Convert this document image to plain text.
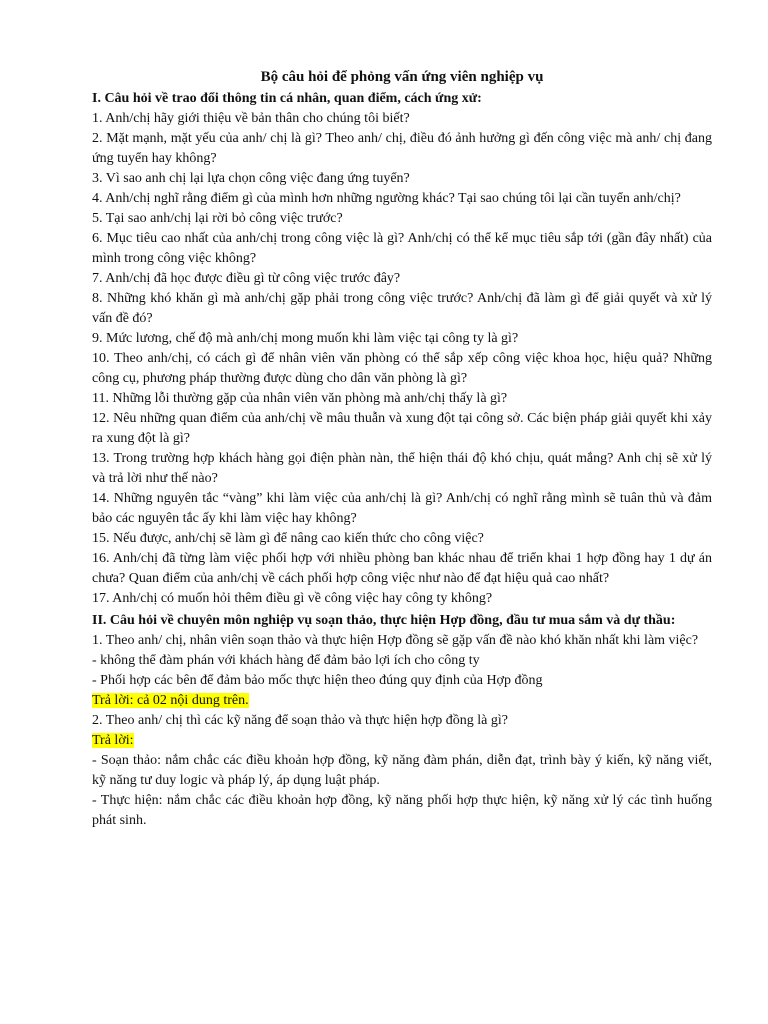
Bộ câu hỏi để phỏng vấn ứng viên nghiệp vụ

I. Câu hỏi về trao đổi thông tin cá nhân, quan điểm, cách ứng xử:

1. Anh/chị hãy giới thiệu về bản thân cho chúng tôi biết?

2. Mặt mạnh, mặt yếu của anh/ chị là gì? Theo anh/ chị, điều đó ảnh hưởng gì đến công việc mà anh/ chị đang ứng tuyển hay không?

3. Vì sao anh chị lại lựa chọn công việc đang ứng tuyển?

4. Anh/chị nghĩ rằng điểm gì của mình hơn những ngường khác? Tại sao chúng tôi lại cần tuyển anh/chị?

5. Tại sao anh/chị lại rời bỏ công việc trước?

6. Mục tiêu cao nhất của anh/chị trong công việc là gì? Anh/chị có thể kể mục tiêu sắp tới (gần đây nhất) của mình trong công việc không?

7. Anh/chị đã học được điều gì từ công việc trước đây?

8. Những khó khăn gì mà anh/chị gặp phải trong công việc trước? Anh/chị đã làm gì để giải quyết và xử lý vấn đề đó?

9. Mức lương, chế độ mà anh/chị mong muốn khi làm việc tại công ty là gì?

10. Theo anh/chị, có cách gì để nhân viên văn phòng có thể sắp xếp công việc khoa học, hiệu quả? Những công cụ, phương pháp thường được dùng cho dân văn phòng là gì?

11. Những lỗi thường gặp của nhân viên văn phòng mà anh/chị thấy là gì?

12. Nêu những quan điểm của anh/chị về mâu thuẫn và xung đột tại công sở. Các biện pháp giải quyết khi xảy ra xung đột là gì?

13. Trong trường hợp khách hàng gọi điện phàn nàn, thể hiện thái độ khó chịu, quát mắng? Anh chị sẽ xử lý và trả lời như thế nào?

14. Những nguyên tắc “vàng” khi làm việc của anh/chị là gì? Anh/chị có nghĩ rằng mình sẽ tuân thủ và đảm bảo các nguyên tắc ấy khi làm việc hay không?

15. Nếu được, anh/chị sẽ làm gì để nâng cao kiến thức cho công việc?

16. Anh/chị đã từng làm việc phối hợp với nhiều phòng ban khác nhau để triển khai 1 hợp đồng hay 1 dự án chưa? Quan điểm của anh/chị về cách phối hợp công việc như nào để đạt hiệu quả cao nhất?

17. Anh/chị có muốn hỏi thêm điều gì về công việc hay công ty không?

II. Câu hỏi về chuyên môn nghiệp vụ soạn thảo, thực hiện Hợp đồng, đầu tư mua sắm và dự thầu:

1. Theo anh/ chị, nhân viên soạn thảo và thực hiện Hợp đồng sẽ gặp vấn đề nào khó khăn nhất khi làm việc?

- không thể đàm phán với khách hàng để đảm bảo lợi ích cho công ty

- Phối hợp các bên để đảm bảo mốc thực hiện theo đúng quy định của Hợp đồng

Trả lời: cả 02 nội dung trên.

2. Theo anh/ chị thì các kỹ năng để soạn thảo và thực hiện hợp đồng là gì?

Trả lời:

- Soạn thảo: nắm chắc các điều khoản hợp đồng, kỹ năng đàm phán, diễn đạt, trình bày ý kiến, kỹ năng viết, kỹ năng tư duy logic và pháp lý, áp dụng luật pháp.

- Thực hiện: nắm chắc các điều khoản hợp đồng, kỹ năng phối hợp thực hiện, kỹ năng xử lý các tình huống phát sinh.
